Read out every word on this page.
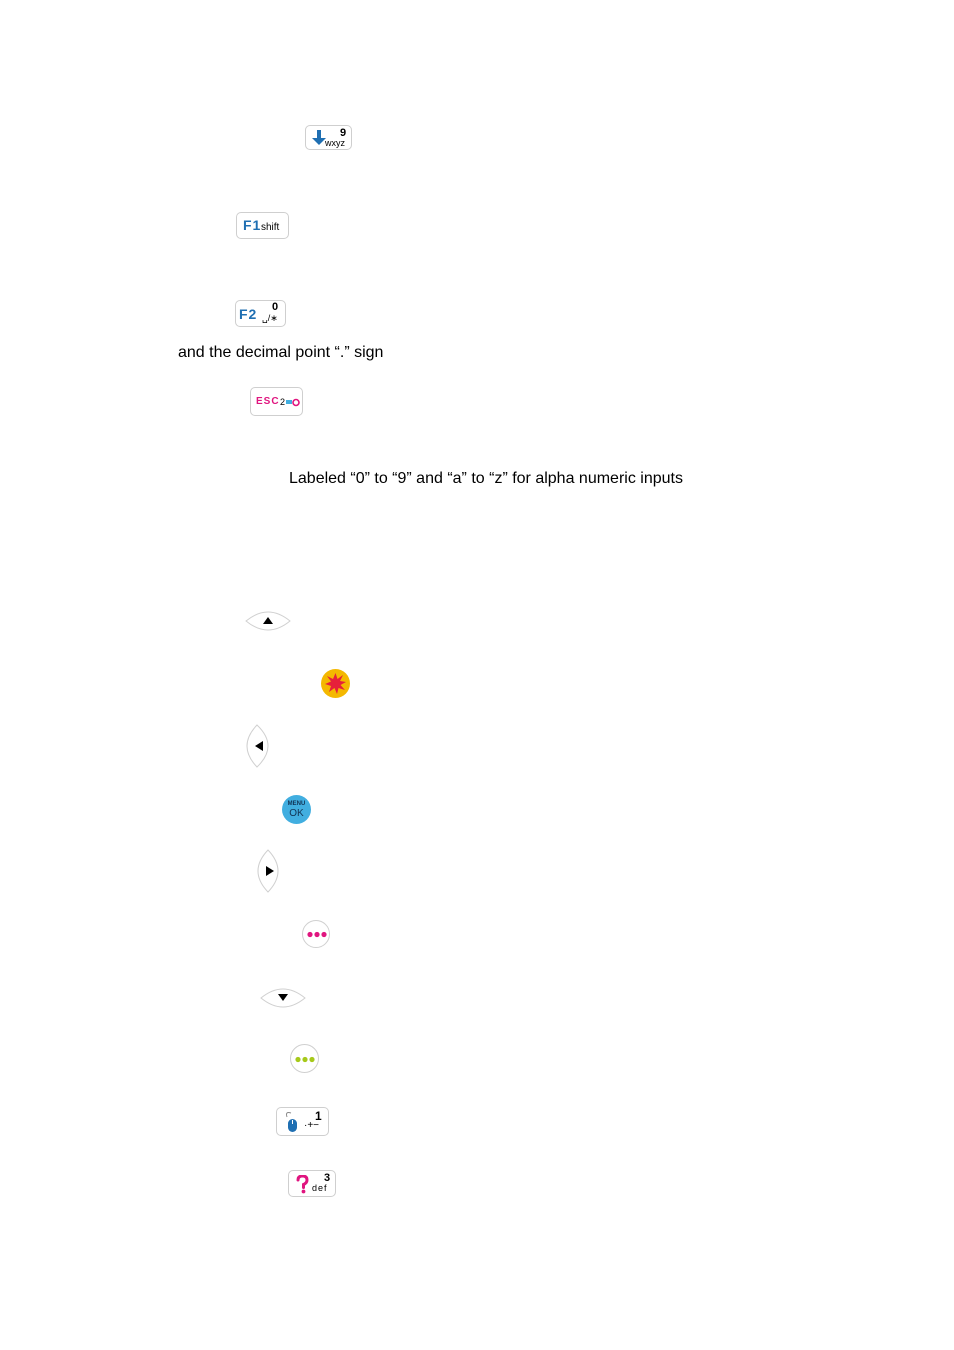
9
wxyz
F1 shift
F2 0
␣/∗
and the decimal point “.” sign
ESC 2
Labeled “0” to “9” and “a” to “z” for alpha numeric inputs
MENU
OK
1
·+−
3
def
